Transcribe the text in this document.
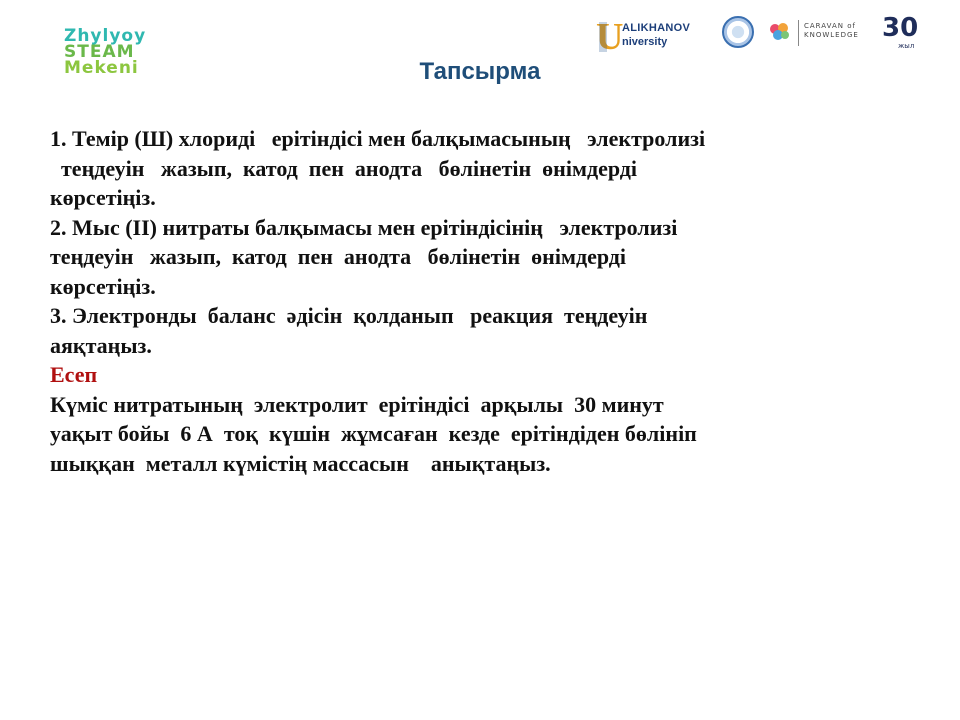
Zhylyoy
STEAM
Mekeni
U
ALIKHANOV
niversity
CARAVAN of
KNOWLEDGE 30
жыл
Тапсырма

1. Темір (Ш) хлориді   ерітіндісі мен балқымасының   электролизі

теңдеуін   жазып,  катод  пен  анодта   бөлінетін  өнімдерді

көрсетіңіз.

2. Мыс (II) нитраты балқымасы мен ерітіндісінің   электролизі

теңдеуін   жазып,  катод  пен  анодта   бөлінетін  өнімдерді

көрсетіңіз.

3. Электронды  баланс  әдісін  қолданып   реакция  теңдеуін

аяқтаңыз.

Есеп

Күміс нитратының  электролит  ерітіндісі  арқылы  30 минут

уақыт бойы  6 А  тоқ  күшін  жұмсаған  кезде  ерітіндіден бөлініп

шыққан  металл күмістің массасын    анықтаңыз.
